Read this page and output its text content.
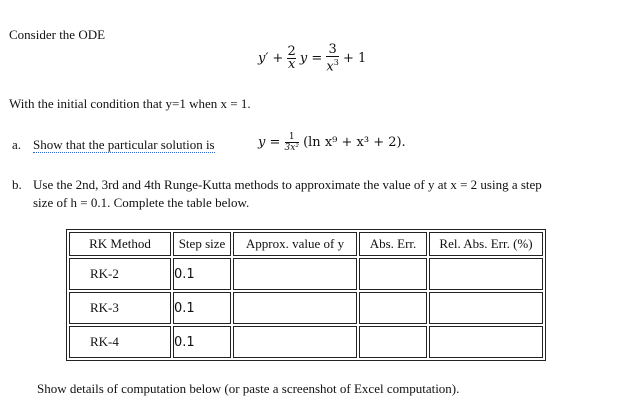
Consider the ODE
$y' + \frac{2}{x}$ $y = \frac{3}{x^3} + 1$
With the initial condition that y=1 when x = 1.
a. Show that the particular solution is	$y = \frac{1}{\text{3x²}} (\ln$ x⁹ + x³ + 2).
b. Use the 2nd, 3rd and 4th Runge-Kutta methods to approximate the value of y at x = 2 using a step
size of h = 0.1. Complete the table below.
RK Method	Step size	Approx. value of y	Abs. Err.	Rel. Abs. Err. (%)
RK-2	0.1			
RK-3	0.1			
RK-4	0.1			
Show details of computation below (or paste a screenshot of Excel computation).
